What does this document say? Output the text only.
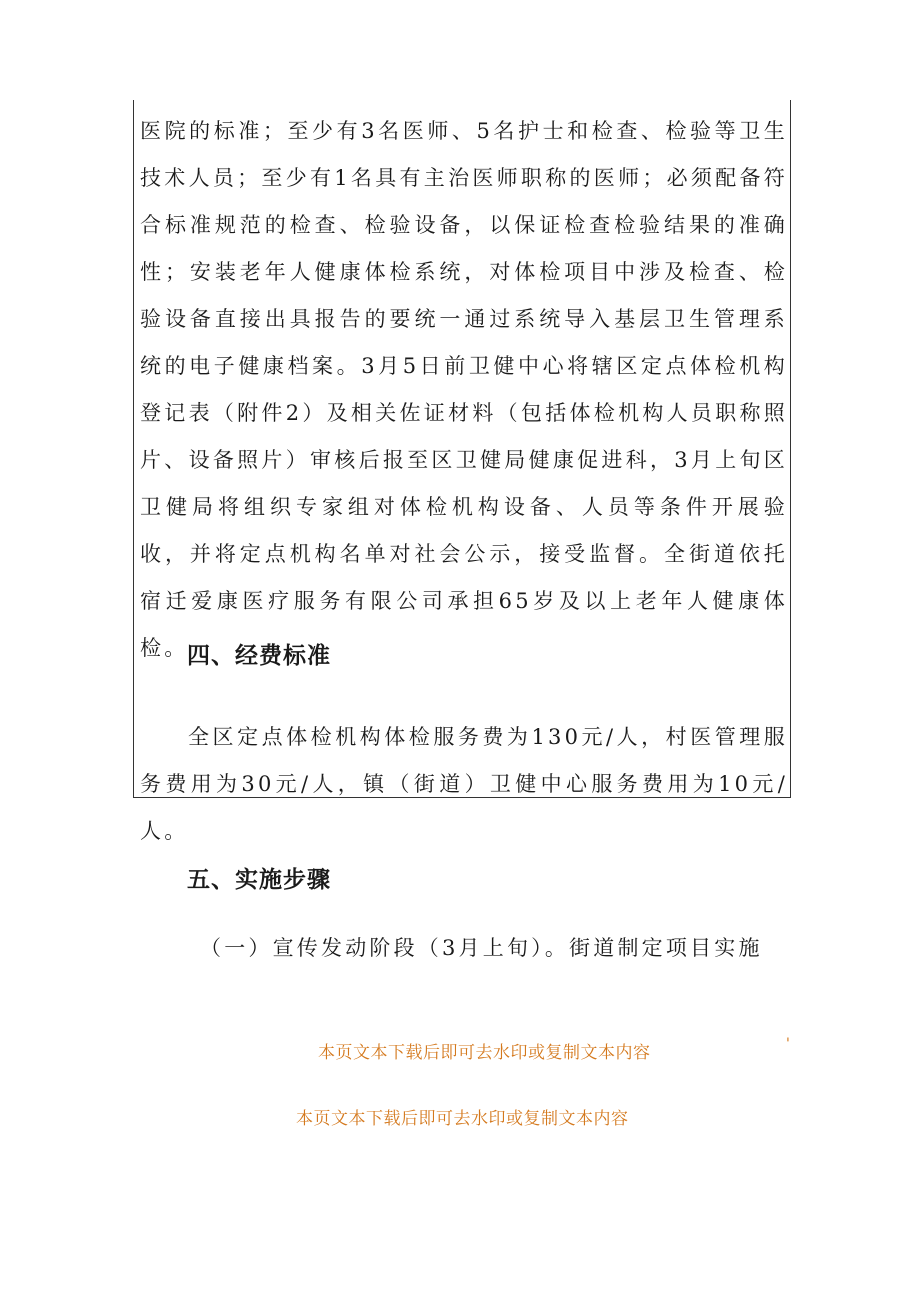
医院的标准；至少有3名医师、5名护士和检查、检验等卫生技术人员；至少有1名具有主治医师职称的医师；必须配备符合标准规范的检查、检验设备，以保证检查检验结果的准确性；安装老年人健康体检系统，对体检项目中涉及检查、检验设备直接出具报告的要统一通过系统导入基层卫生管理系统的电子健康档案。3月5日前卫健中心将辖区定点体检机构登记表（附件2）及相关佐证材料（包括体检机构人员职称照片、设备照片）审核后报至区卫健局健康促进科，3月上旬区卫健局将组织专家组对体检机构设备、人员等条件开展验收，并将定点机构名单对社会公示，接受监督。全街道依托宿迁爱康医疗服务有限公司承担65岁及以上老年人健康体检。

四、经费标准

全区定点体检机构体检服务费为130元/人，村医管理服务费用为30元/人，镇（街道）卫健中心服务费用为10元/人。

五、实施步骤

（一）宣传发动阶段（3月上旬）。街道制定项目实施

本页文本下载后即可去水印或复制文本内容	'

本页文本下载后即可去水印或复制文本内容
